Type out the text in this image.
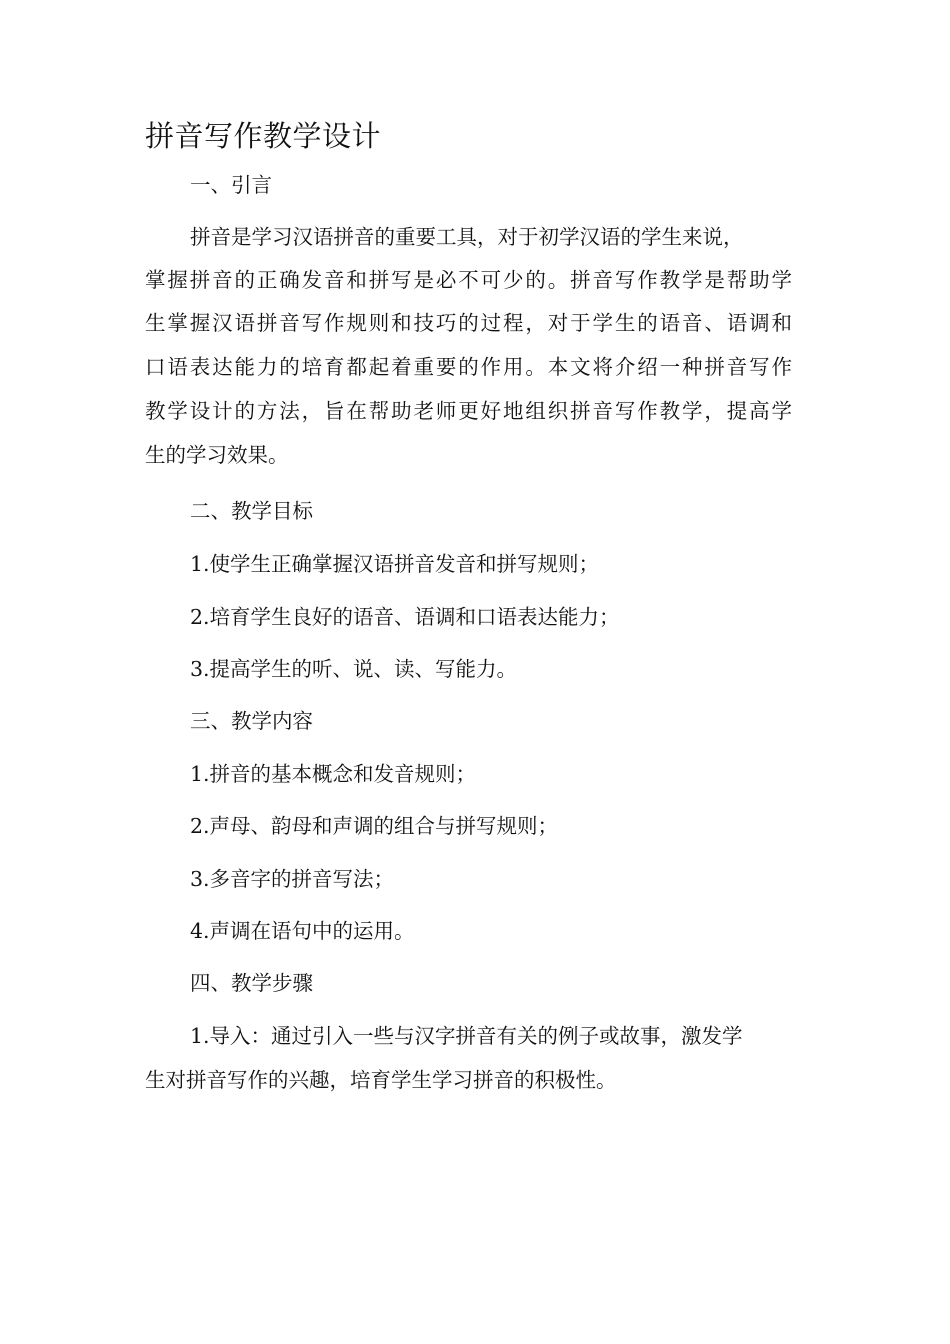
拼音写作教学设计

一、引言

拼音是学习汉语拼音的重要工具，对于初学汉语的学生来说，

掌握拼音的正确发音和拼写是必不可少的。拼音写作教学是帮助学

生掌握汉语拼音写作规则和技巧的过程，对于学生的语音、语调和

口语表达能力的培育都起着重要的作用。本文将介绍一种拼音写作

教学设计的方法，旨在帮助老师更好地组织拼音写作教学，提高学

生的学习效果。

二、教学目标

1.使学生正确掌握汉语拼音发音和拼写规则；

2.培育学生良好的语音、语调和口语表达能力；

3.提高学生的听、说、读、写能力。

三、教学内容

1.拼音的基本概念和发音规则；

2.声母、韵母和声调的组合与拼写规则；

3.多音字的拼音写法；

4.声调在语句中的运用。

四、教学步骤

1.导入：通过引入一些与汉字拼音有关的例子或故事，激发学

生对拼音写作的兴趣，培育学生学习拼音的积极性。
